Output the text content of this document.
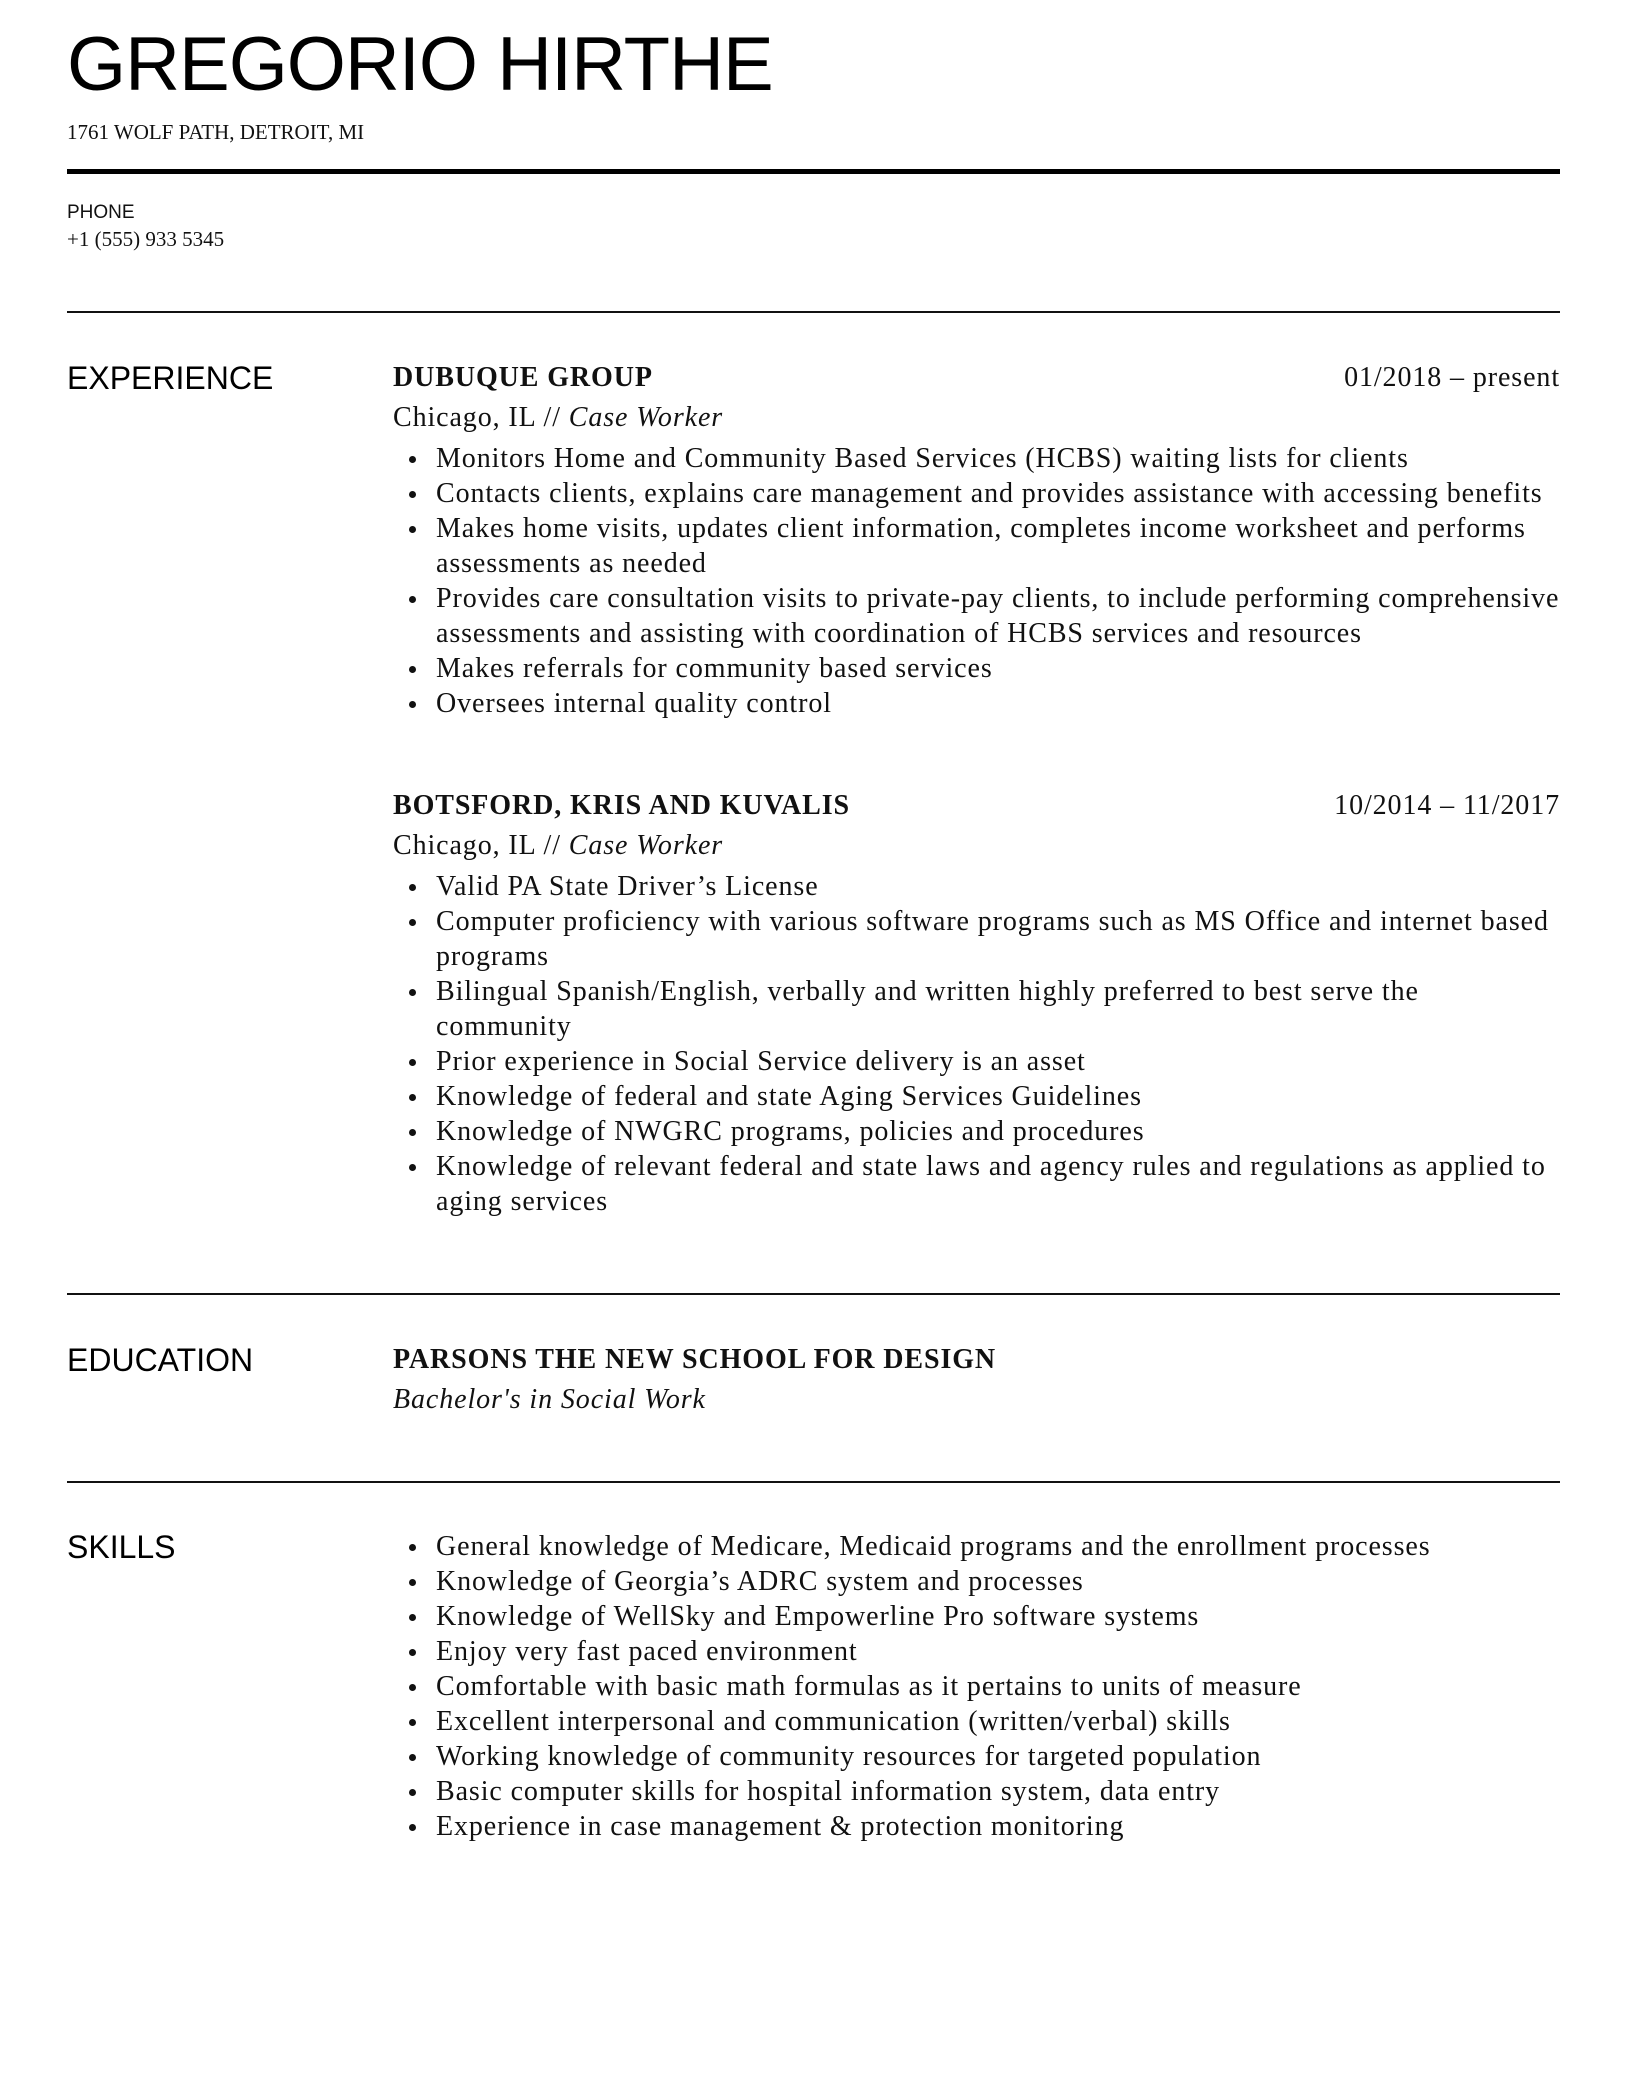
GREGORIO HIRTHE
1761 WOLF PATH, DETROIT, MI
PHONE
+1 (555) 933 5345
EXPERIENCE	DUBUQUE GROUP	01/2018 – present
Chicago, IL // Case Worker
Monitors Home and Community Based Services (HCBS) waiting lists for clients
Contacts clients, explains care management and provides assistance with accessing benefits
Makes home visits, updates client information, completes income worksheet and performs assessments as needed
Provides care consultation visits to private-pay clients, to include performing comprehensive assessments and assisting with coordination of HCBS services and resources
Makes referrals for community based services
Oversees internal quality control
BOTSFORD, KRIS AND KUVALIS	10/2014 – 11/2017
Chicago, IL // Case Worker
Valid PA State Driver’s License
Computer proficiency with various software programs such as MS Office and internet based programs
Bilingual Spanish/English, verbally and written highly preferred to best serve the community
Prior experience in Social Service delivery is an asset
Knowledge of federal and state Aging Services Guidelines
Knowledge of NWGRC programs, policies and procedures
Knowledge of relevant federal and state laws and agency rules and regulations as applied to aging services
EDUCATION	PARSONS THE NEW SCHOOL FOR DESIGN
Bachelor's in Social Work
SKILLS	General knowledge of Medicare, Medicaid programs and the enrollment processes
Knowledge of Georgia’s ADRC system and processes
Knowledge of WellSky and Empowerline Pro software systems
Enjoy very fast paced environment
Comfortable with basic math formulas as it pertains to units of measure
Excellent interpersonal and communication (written/verbal) skills
Working knowledge of community resources for targeted population
Basic computer skills for hospital information system, data entry
Experience in case management & protection monitoring
